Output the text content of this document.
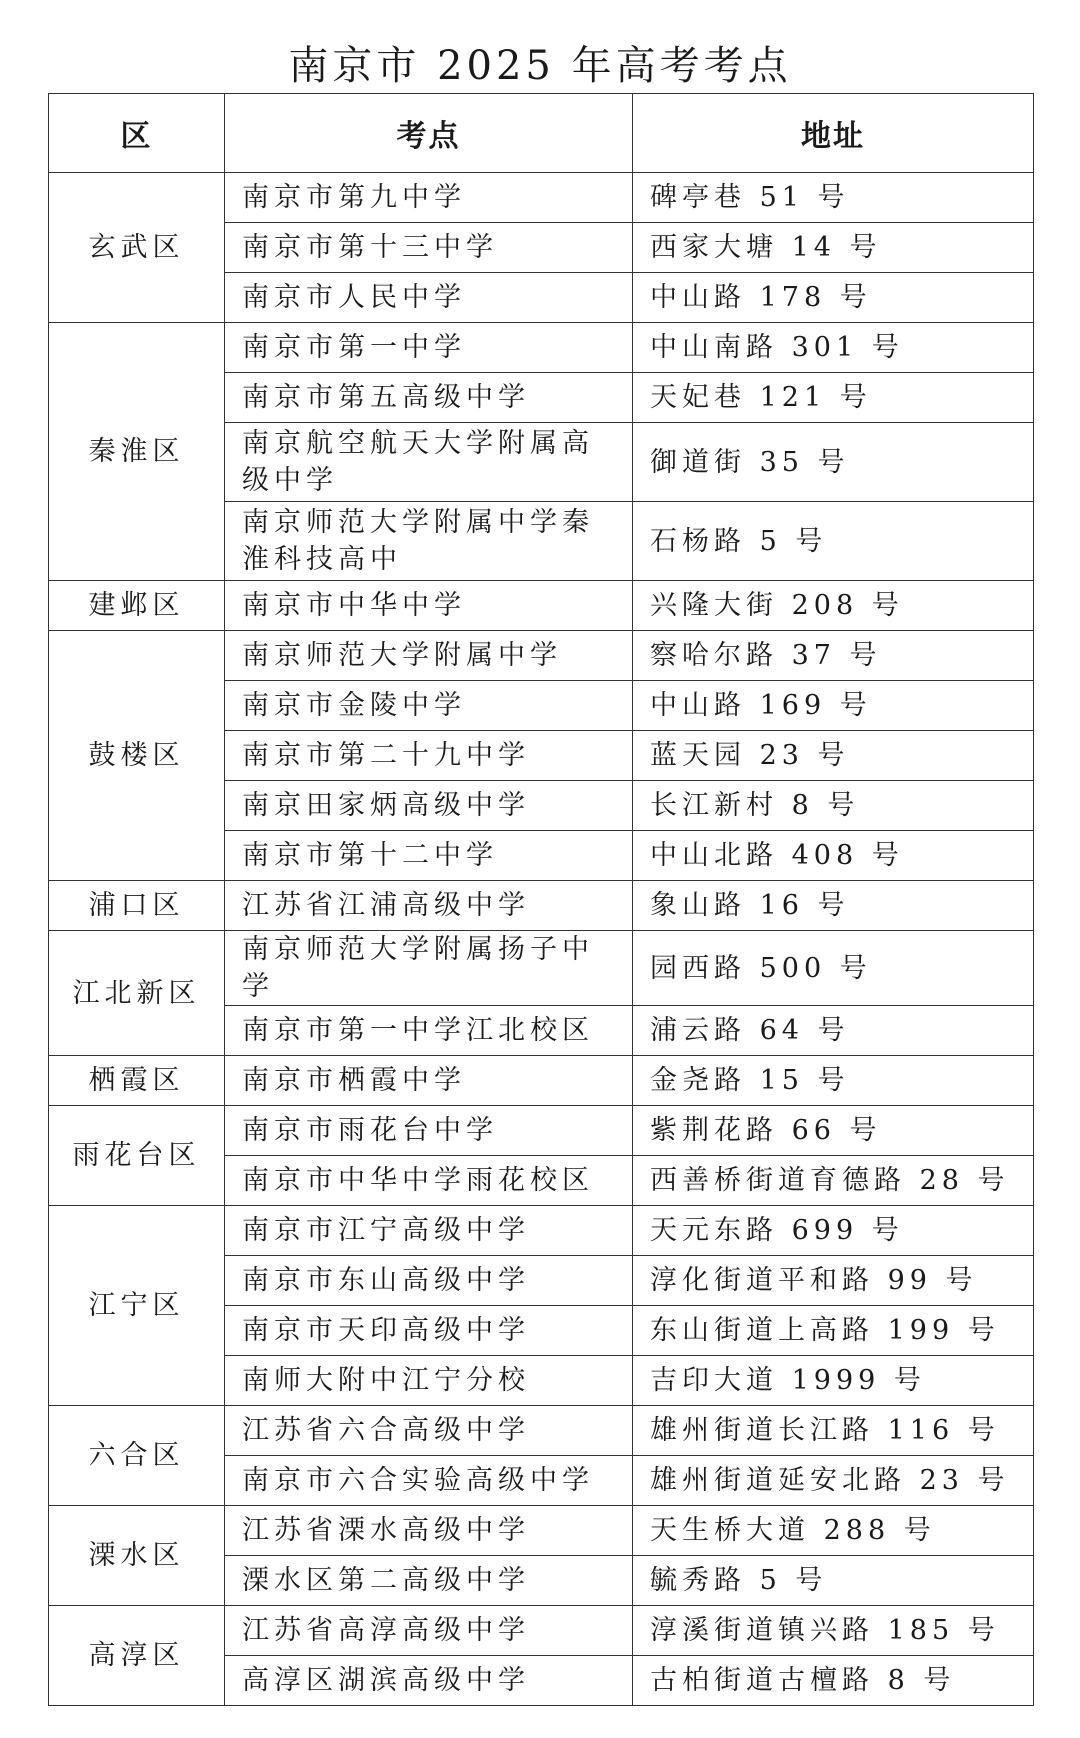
南京市 2025 年高考考点
区	考点	地址
玄武区	南京市第九中学	碑亭巷 51 号
	南京市第十三中学	西家大塘 14 号
	南京市人民中学	中山路 178 号
秦淮区	南京市第一中学	中山南路 301 号
	南京市第五高级中学	天妃巷 121 号
	南京航空航天大学附属高级中学	御道街 35 号
	南京师范大学附属中学秦淮科技高中	石杨路 5 号
建邺区	南京市中华中学	兴隆大街 208 号
鼓楼区	南京师范大学附属中学	察哈尔路 37 号
	南京市金陵中学	中山路 169 号
	南京市第二十九中学	蓝天园 23 号
	南京田家炳高级中学	长江新村 8 号
	南京市第十二中学	中山北路 408 号
浦口区	江苏省江浦高级中学	象山路 16 号
江北新区	南京师范大学附属扬子中学	园西路 500 号
	南京市第一中学江北校区	浦云路 64 号
栖霞区	南京市栖霞中学	金尧路 15 号
雨花台区	南京市雨花台中学	紫荆花路 66 号
	南京市中华中学雨花校区	西善桥街道育德路 28 号
江宁区	南京市江宁高级中学	天元东路 699 号
	南京市东山高级中学	淳化街道平和路 99 号
	南京市天印高级中学	东山街道上高路 199 号
	南师大附中江宁分校	吉印大道 1999 号
六合区	江苏省六合高级中学	雄州街道长江路 116 号
	南京市六合实验高级中学	雄州街道延安北路 23 号
溧水区	江苏省溧水高级中学	天生桥大道 288 号
	溧水区第二高级中学	毓秀路 5 号
高淳区	江苏省高淳高级中学	淳溪街道镇兴路 185 号
	高淳区湖滨高级中学	古柏街道古檀路 8 号
